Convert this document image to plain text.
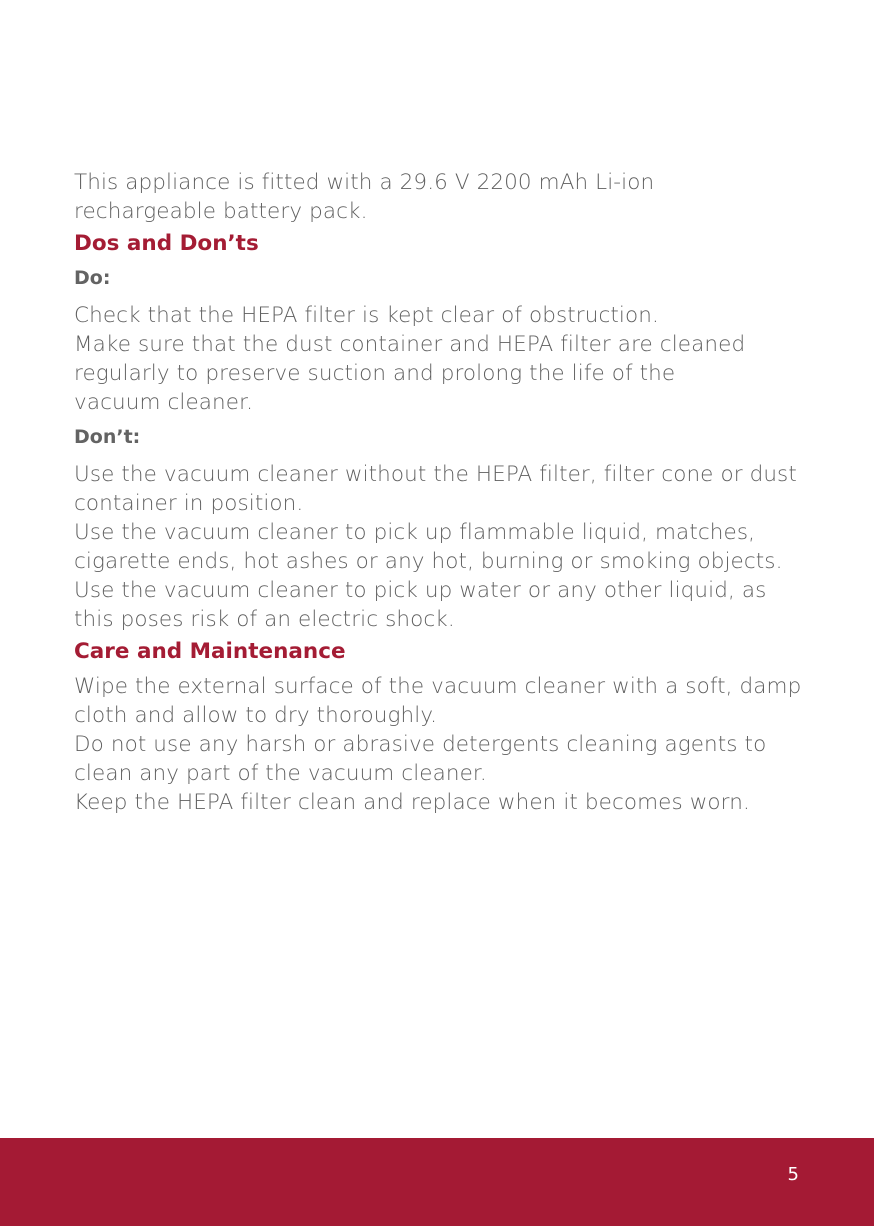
This appliance is fitted with a 29.6 V 2200 mAh Li-ion
rechargeable battery pack.

Dos and Don’ts
Do:

Check that the HEPA filter is kept clear of obstruction.
Make sure that the dust container and HEPA filter are cleaned
regularly to preserve suction and prolong the life of the
vacuum cleaner.

Don’t:

Use the vacuum cleaner without the HEPA filter, filter cone or dust
container in position.
Use the vacuum cleaner to pick up flammable liquid, matches,
cigarette ends, hot ashes or any hot, burning or smoking objects.
Use the vacuum cleaner to pick up water or any other liquid, as
this poses risk of an electric shock.

Care and Maintenance

Wipe the external surface of the vacuum cleaner with a soft, damp
cloth and allow to dry thoroughly.
Do not use any harsh or abrasive detergents cleaning agents to
clean any part of the vacuum cleaner.
Keep the HEPA filter clean and replace when it becomes worn.

5
